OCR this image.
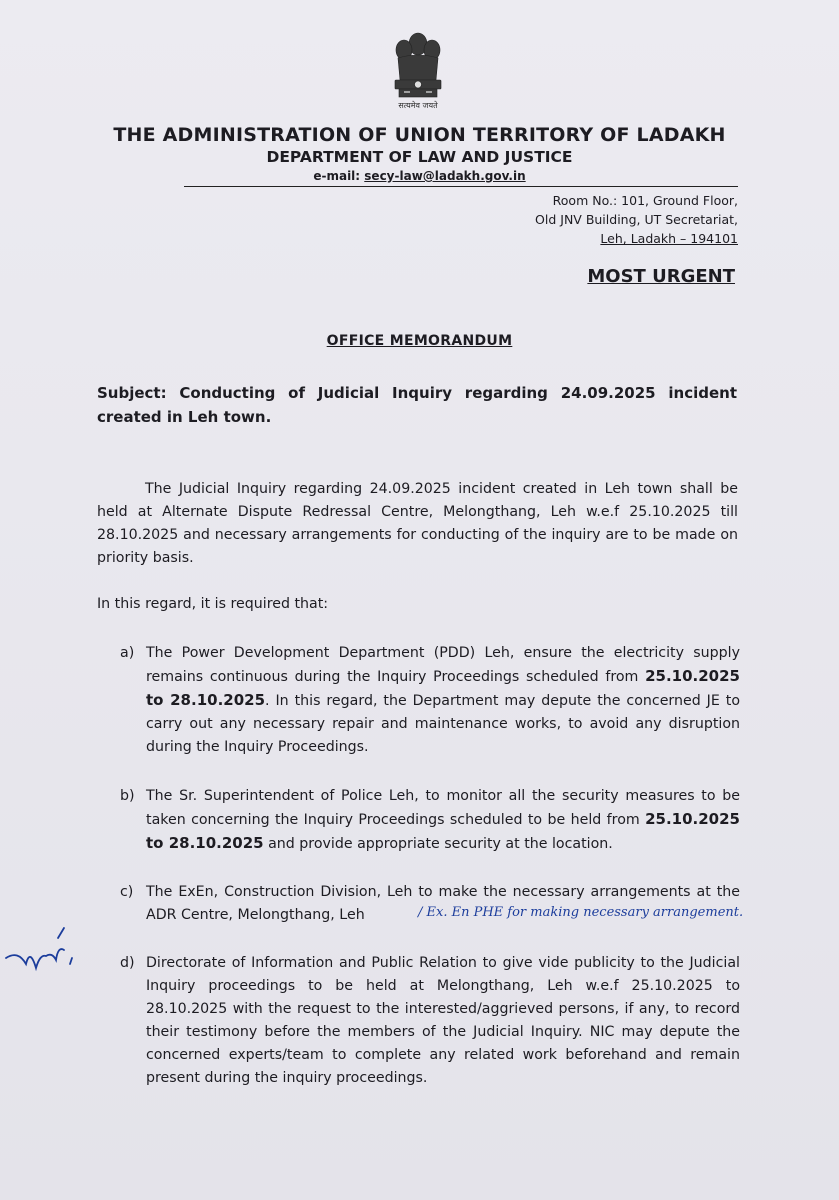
सत्यमेव जयते
THE ADMINISTRATION OF UNION TERRITORY OF LADAKH
DEPARTMENT OF LAW AND JUSTICE
e-mail: secy-law@ladakh.gov.in
Room No.: 101, Ground Floor,
Old JNV Building, UT Secretariat,
Leh, Ladakh – 194101
MOST URGENT
OFFICE MEMORANDUM
Subject: Conducting of Judicial Inquiry regarding 24.09.2025 incident created in Leh town.
The Judicial Inquiry regarding 24.09.2025 incident created in Leh town shall be held at Alternate Dispute Redressal Centre, Melongthang, Leh w.e.f 25.10.2025 till 28.10.2025 and necessary arrangements for conducting of the inquiry are to be made on priority basis.
In this regard, it is required that:
a) The Power Development Department (PDD) Leh, ensure the electricity supply remains continuous during the Inquiry Proceedings scheduled from 25.10.2025 to 28.10.2025. In this regard, the Department may depute the concerned JE to carry out any necessary repair and maintenance works, to avoid any disruption during the Inquiry Proceedings.
b) The Sr. Superintendent of Police Leh, to monitor all the security measures to be taken concerning the Inquiry Proceedings scheduled to be held from 25.10.2025 to 28.10.2025 and provide appropriate security at the location.
c) The ExEn, Construction Division, Leh to make the necessary arrangements at the ADR Centre, Melongthang, Leh	/ Ex. En PHE for making necessary arrangement.
d) Directorate of Information and Public Relation to give vide publicity to the Judicial Inquiry proceedings to be held at Melongthang, Leh w.e.f 25.10.2025 to 28.10.2025 with the request to the interested/aggrieved persons, if any, to record their testimony before the members of the Judicial Inquiry. NIC may depute the concerned experts/team to complete any related work beforehand and remain present during the inquiry proceedings.
